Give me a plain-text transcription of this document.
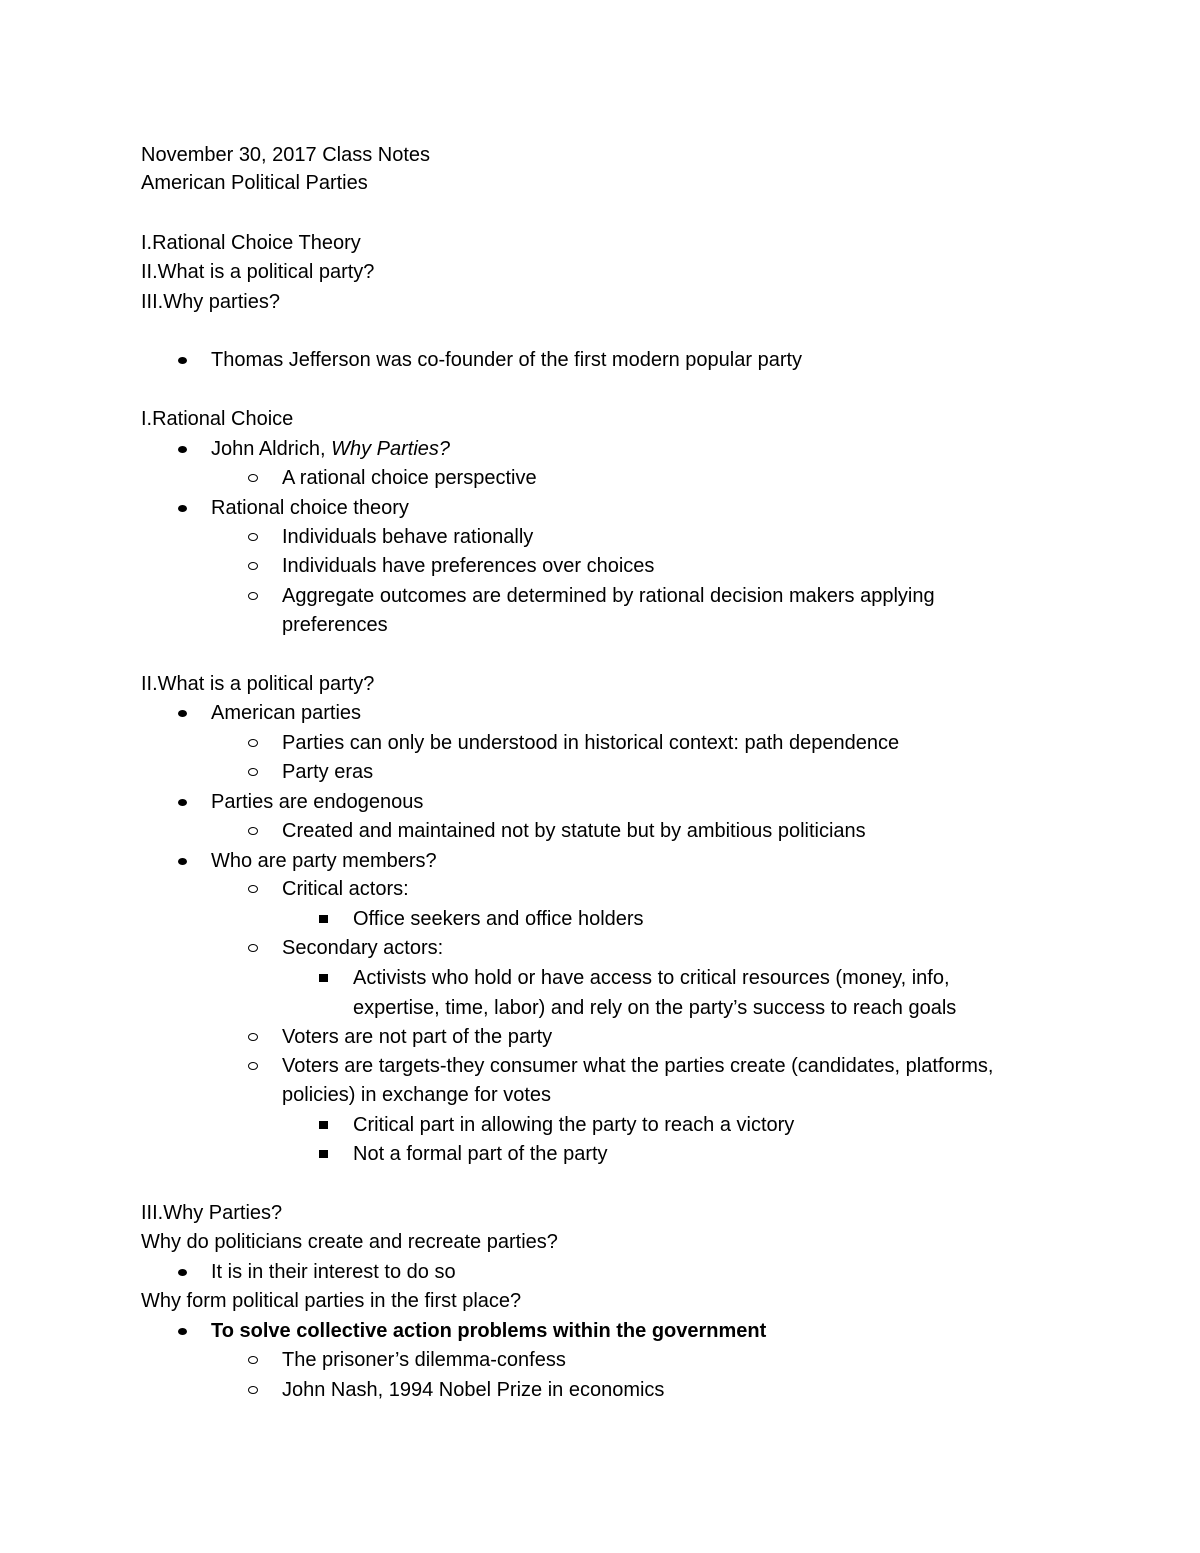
November 30, 2017 Class Notes
American Political Parties
I.Rational Choice Theory
II.What is a political party?
III.Why parties?
Thomas Jefferson was co-founder of the first modern popular party
I.Rational Choice
John Aldrich, Why Parties?
A rational choice perspective
Rational choice theory
Individuals behave rationally
Individuals have preferences over choices
Aggregate outcomes are determined by rational decision makers applying
preferences
II.What is a political party?
American parties
Parties can only be understood in historical context: path dependence
Party eras
Parties are endogenous
Created and maintained not by statute but by ambitious politicians
Who are party members?
Critical actors:
Office seekers and office holders
Secondary actors:
Activists who hold or have access to critical resources (money, info,
expertise, time, labor) and rely on the party’s success to reach goals
Voters are not part of the party
Voters are targets-they consumer what the parties create (candidates, platforms,
policies) in exchange for votes
Critical part in allowing the party to reach a victory
Not a formal part of the party
III.Why Parties?
Why do politicians create and recreate parties?
It is in their interest to do so
Why form political parties in the first place?
To solve collective action problems within the government
The prisoner’s dilemma-confess
John Nash, 1994 Nobel Prize in economics
